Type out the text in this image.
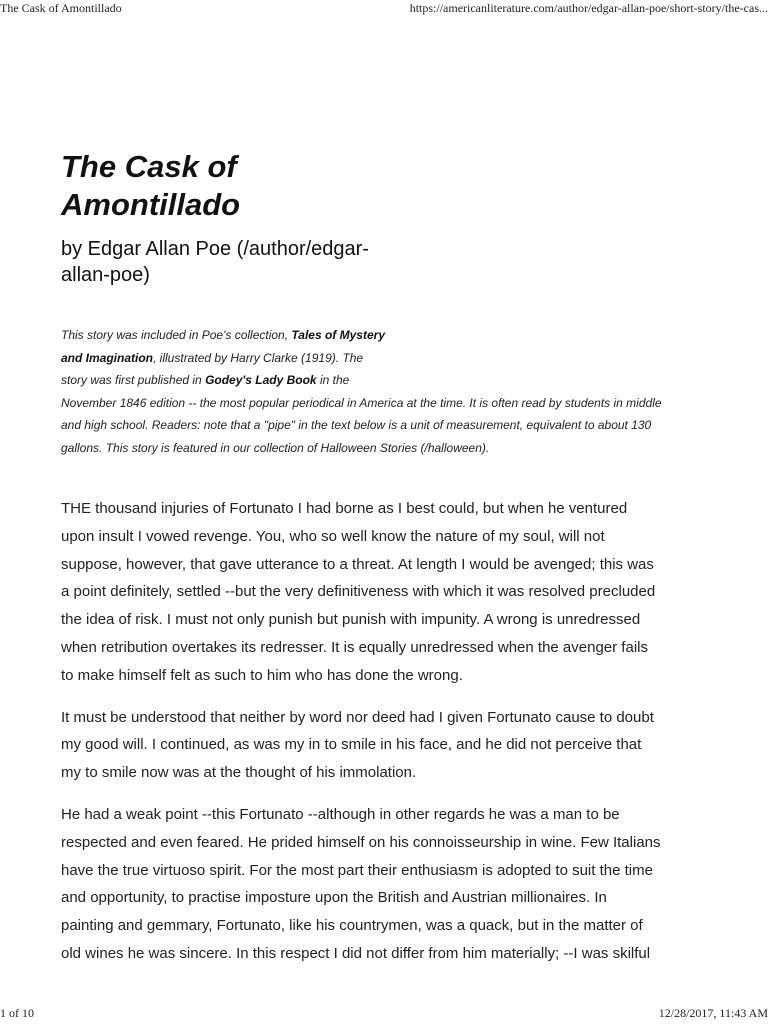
The Cask of Amontillado	https://americanliterature.com/author/edgar-allan-poe/short-story/the-cas...
The Cask of
Amontillado
by Edgar Allan Poe (/author/edgar-
allan-poe)
This story was included in Poe's collection, Tales of Mystery
and Imagination, illustrated by Harry Clarke (1919). The
story was first published in Godey's Lady Book in the
November 1846 edition -- the most popular periodical in America at the time. It is often read by students in middle
and high school. Readers: note that a "pipe" in the text below is a unit of measurement, equivalent to about 130
gallons. This story is featured in our collection of Halloween Stories (/halloween).

THE thousand injuries of Fortunato I had borne as I best could, but when he ventured
upon insult I vowed revenge. You, who so well know the nature of my soul, will not
suppose, however, that gave utterance to a threat. At length I would be avenged; this was
a point definitely, settled --but the very definitiveness with which it was resolved precluded
the idea of risk. I must not only punish but punish with impunity. A wrong is unredressed
when retribution overtakes its redresser. It is equally unredressed when the avenger fails
to make himself felt as such to him who has done the wrong.

It must be understood that neither by word nor deed had I given Fortunato cause to doubt
my good will. I continued, as was my in to smile in his face, and he did not perceive that
my to smile now was at the thought of his immolation.

He had a weak point --this Fortunato --although in other regards he was a man to be
respected and even feared. He prided himself on his connoisseurship in wine. Few Italians
have the true virtuoso spirit. For the most part their enthusiasm is adopted to suit the time
and opportunity, to practise imposture upon the British and Austrian millionaires. In
painting and gemmary, Fortunato, like his countrymen, was a quack, but in the matter of
old wines he was sincere. In this respect I did not differ from him materially; --I was skilful

1 of 10	12/28/2017, 11:43 AM
